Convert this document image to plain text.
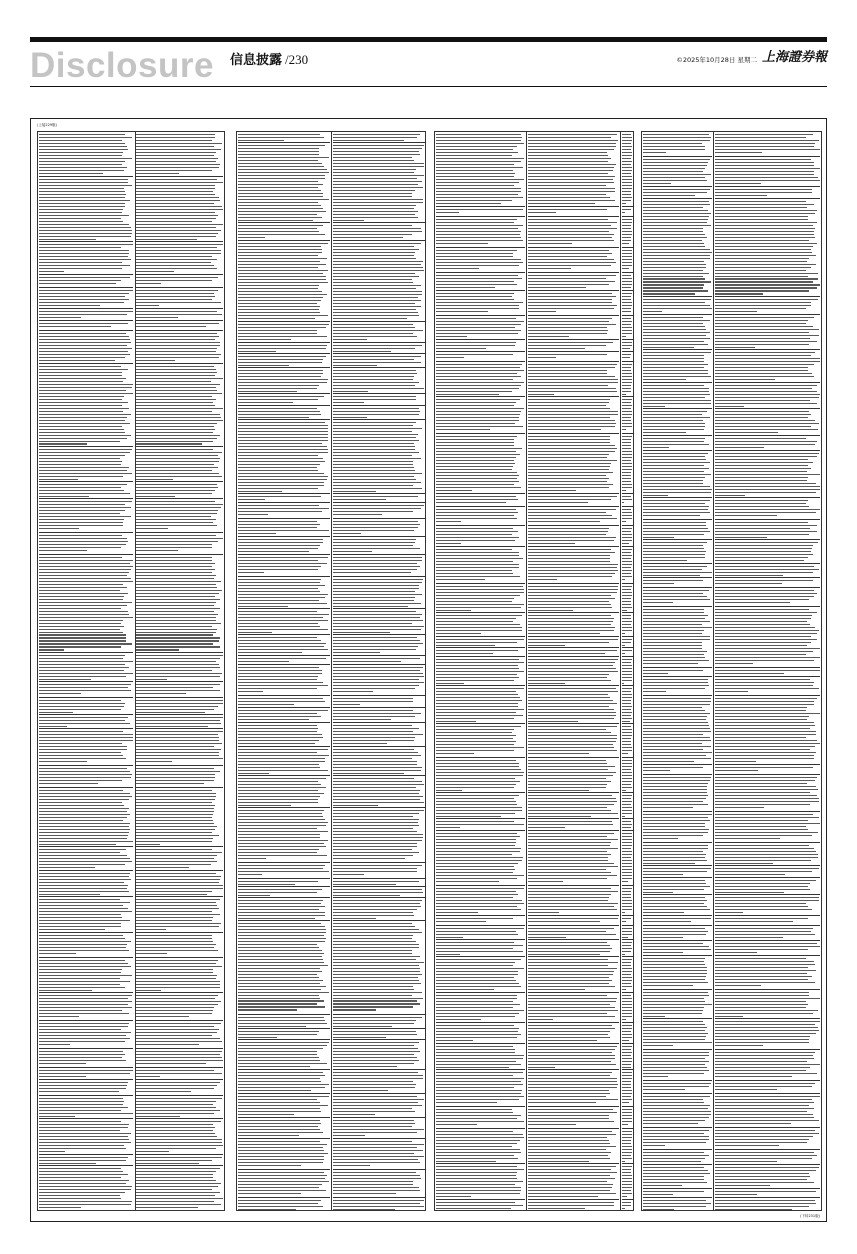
Disclosure 信息披露 /230	©2025年10月28日 星期二 上海證券報
(上接229版)
(下转231版)
